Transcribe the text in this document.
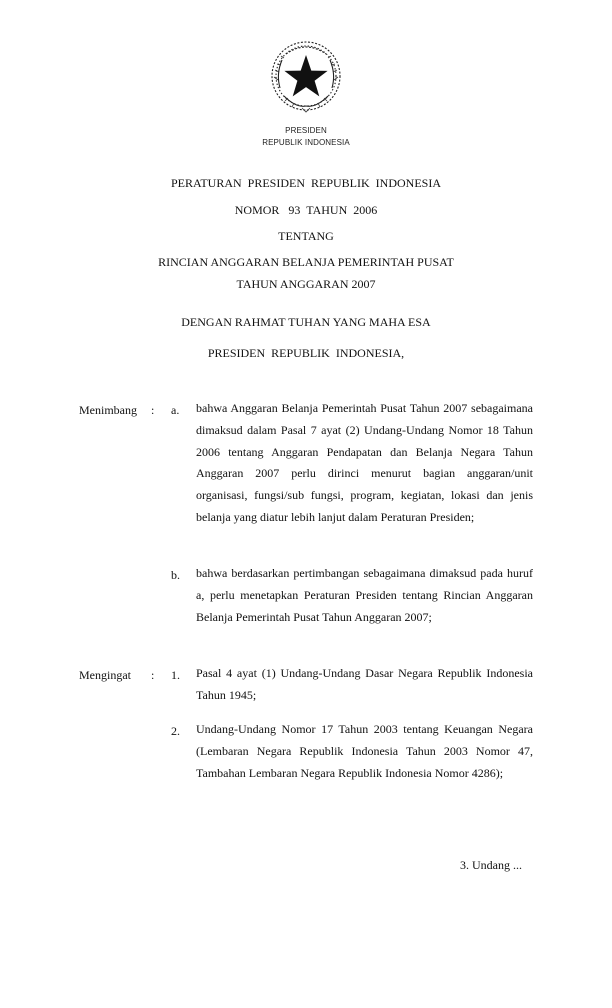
PRESIDEN
REPUBLIK INDONESIA
PERATURAN  PRESIDEN  REPUBLIK  INDONESIA
NOMOR   93  TAHUN  2006
TENTANG
RINCIAN ANGGARAN BELANJA PEMERINTAH PUSAT
TAHUN ANGGARAN 2007
DENGAN RAHMAT TUHAN YANG MAHA ESA
PRESIDEN  REPUBLIK  INDONESIA,
Menimbang : a. bahwa Anggaran Belanja Pemerintah Pusat Tahun 2007 sebagaimana dimaksud dalam Pasal 7 ayat (2) Undang-Undang Nomor 18 Tahun 2006 tentang Anggaran Pendapatan dan Belanja Negara Tahun Anggaran 2007 perlu dirinci menurut bagian anggaran/unit organisasi, fungsi/sub fungsi, program, kegiatan, lokasi dan jenis belanja yang diatur lebih lanjut dalam Peraturan Presiden;

b. bahwa berdasarkan pertimbangan sebagaimana dimaksud pada huruf a, perlu menetapkan Peraturan Presiden tentang Rincian Anggaran Belanja Pemerintah Pusat Tahun Anggaran 2007;

Mengingat : 1. Pasal 4 ayat (1) Undang-Undang Dasar Negara Republik Indonesia Tahun 1945;

2. Undang-Undang Nomor 17 Tahun 2003 tentang Keuangan Negara (Lembaran Negara Republik Indonesia Tahun 2003 Nomor 47, Tambahan Lembaran Negara Republik Indonesia Nomor 4286);

3. Undang ...
